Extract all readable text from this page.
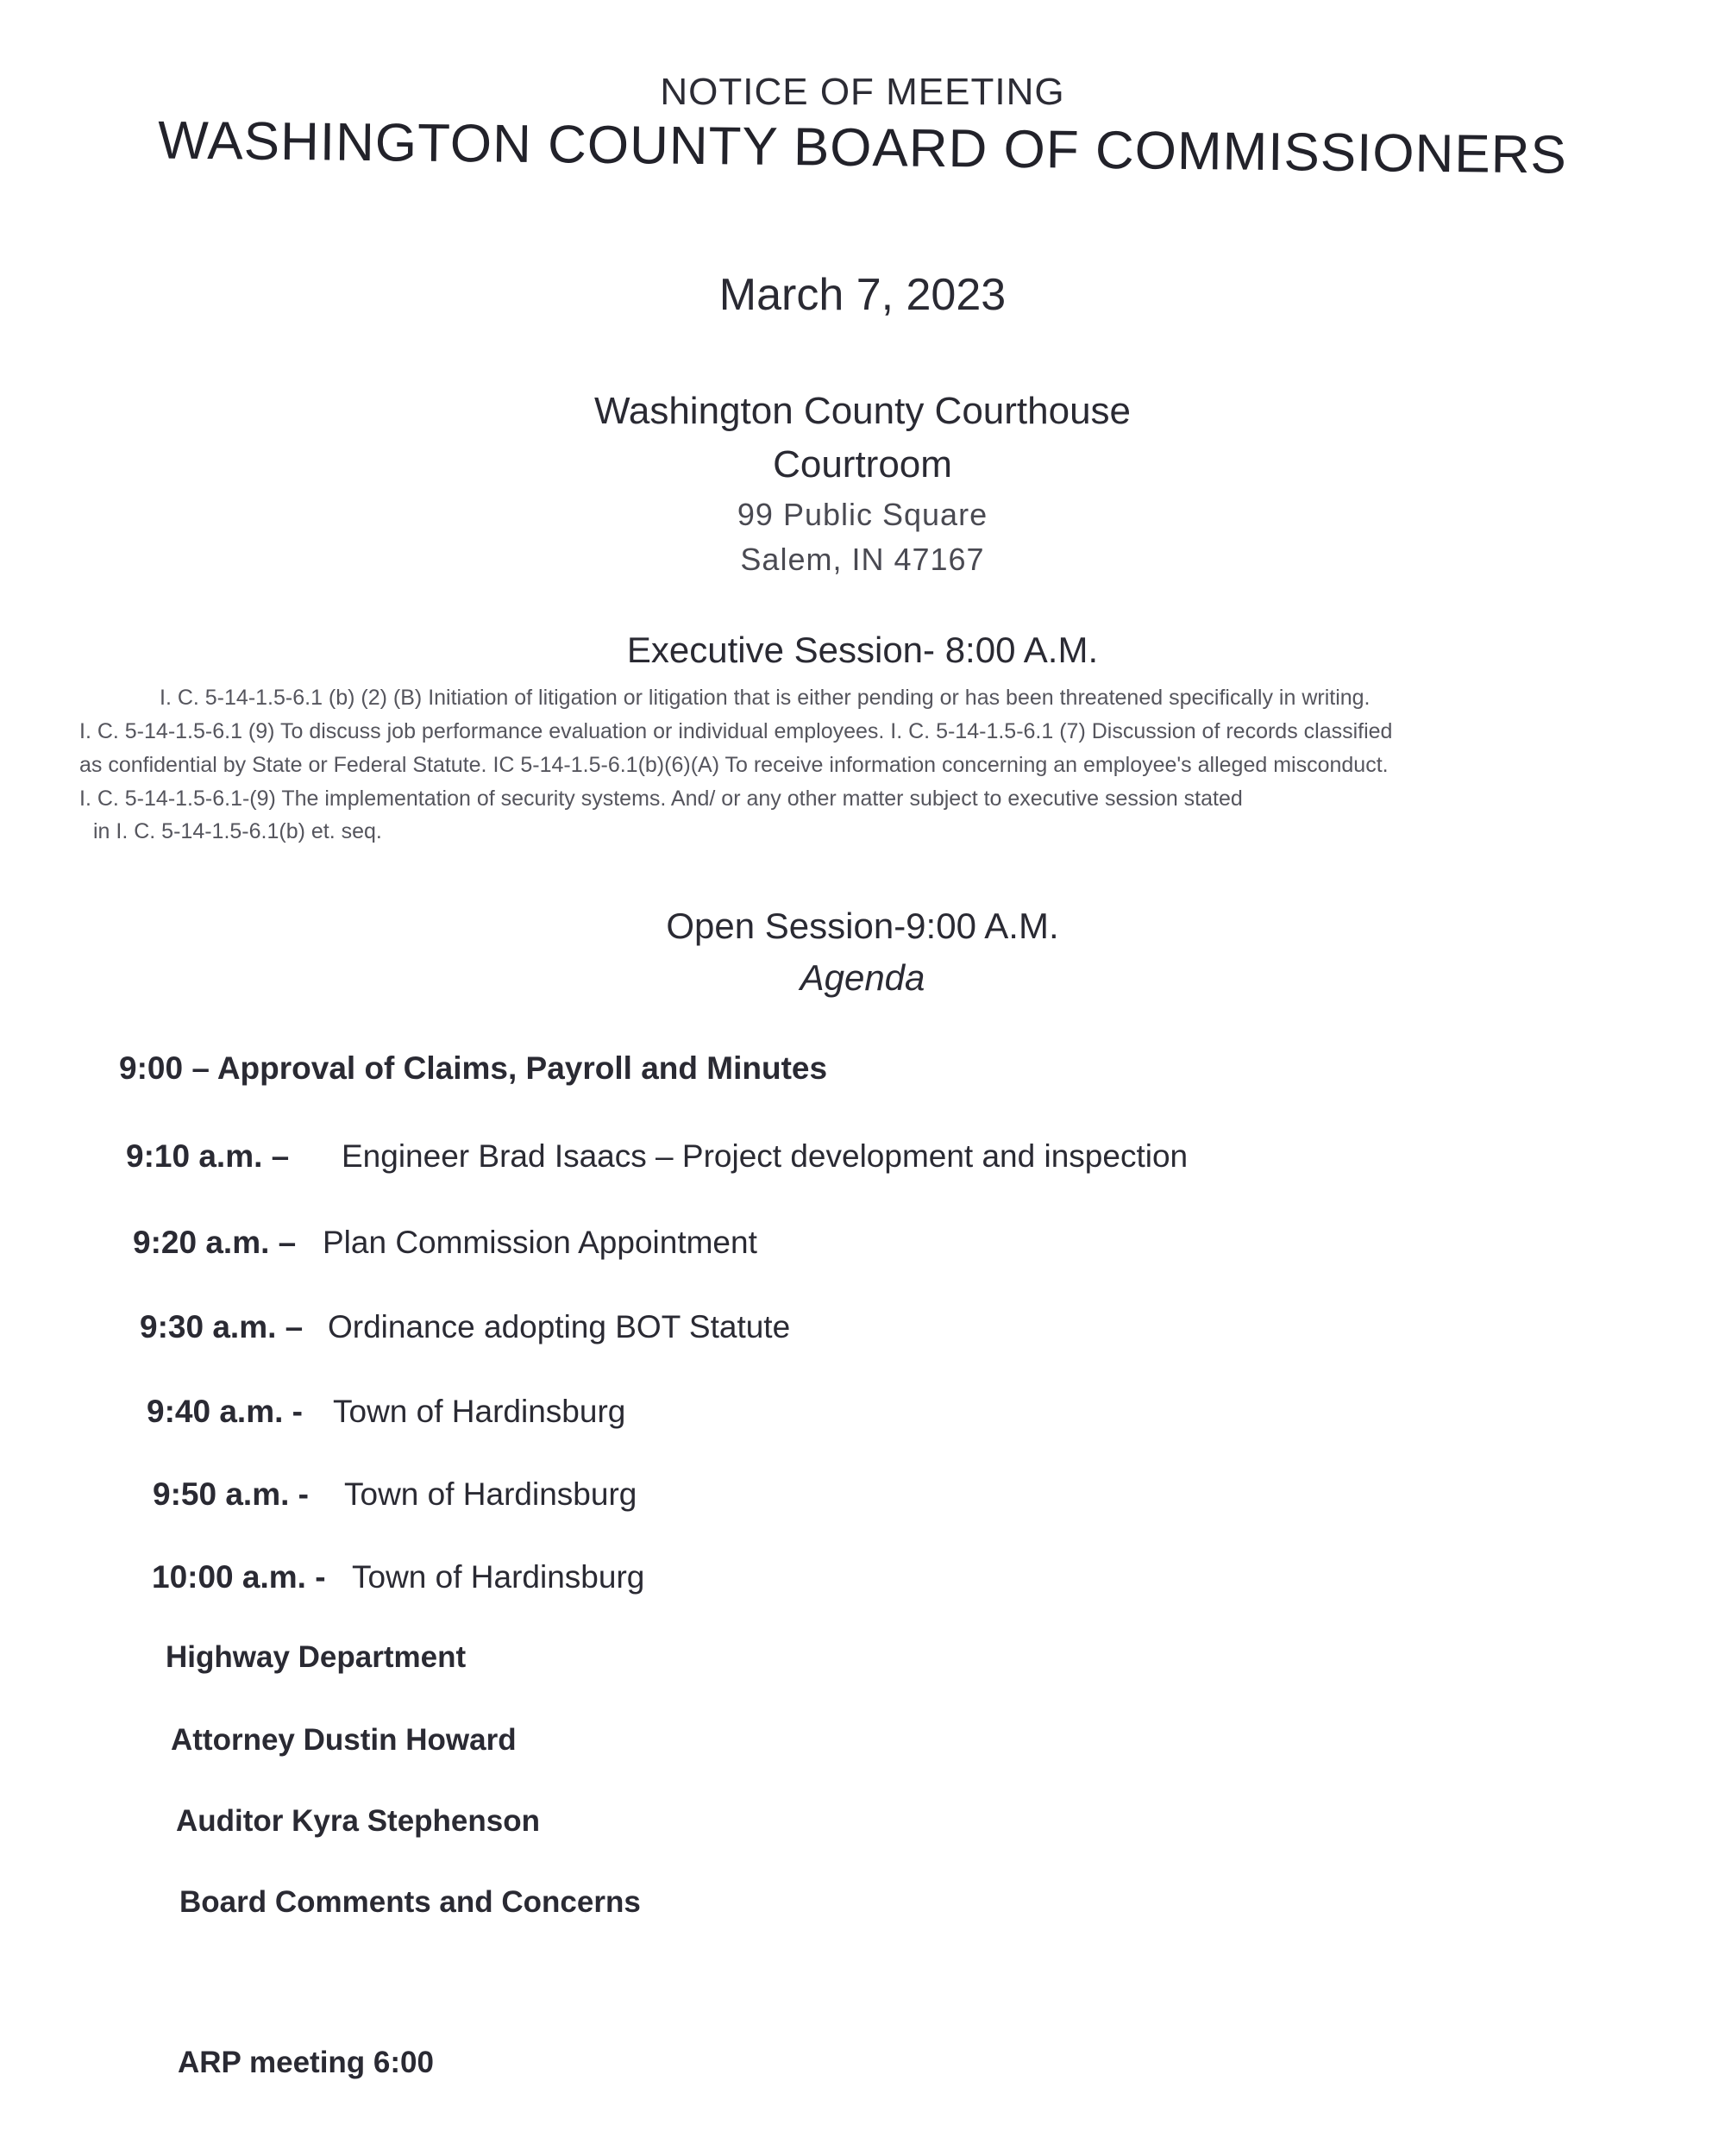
NOTICE OF MEETING
WASHINGTON COUNTY BOARD OF COMMISSIONERS
March 7, 2023
Washington County Courthouse
Courtroom
99 Public Square
Salem, IN 47167
Executive Session- 8:00 A.M.
I. C. 5-14-1.5-6.1 (b) (2) (B) Initiation of litigation or litigation that is either pending or has been threatened specifically in writing.
I. C. 5-14-1.5-6.1 (9) To discuss job performance evaluation or individual employees. I. C. 5-14-1.5-6.1 (7) Discussion of records classified
as confidential by State or Federal Statute. IC 5-14-1.5-6.1(b)(6)(A) To receive information concerning an employee's alleged misconduct.
I. C. 5-14-1.5-6.1-(9) The implementation of security systems. And/ or any other matter subject to executive session stated
in I. C. 5-14-1.5-6.1(b) et. seq.
Open Session-9:00 A.M.
Agenda
9:00 – Approval of Claims, Payroll and Minutes
9:10 a.m. – Engineer Brad Isaacs – Project development and inspection
9:20 a.m. – Plan Commission Appointment
9:30 a.m. – Ordinance adopting BOT Statute
9:40 a.m. - Town of Hardinsburg
9:50 a.m. - Town of Hardinsburg
10:00 a.m. - Town of Hardinsburg
Highway Department
Attorney Dustin Howard
Auditor Kyra Stephenson
Board Comments and Concerns
ARP meeting 6:00
